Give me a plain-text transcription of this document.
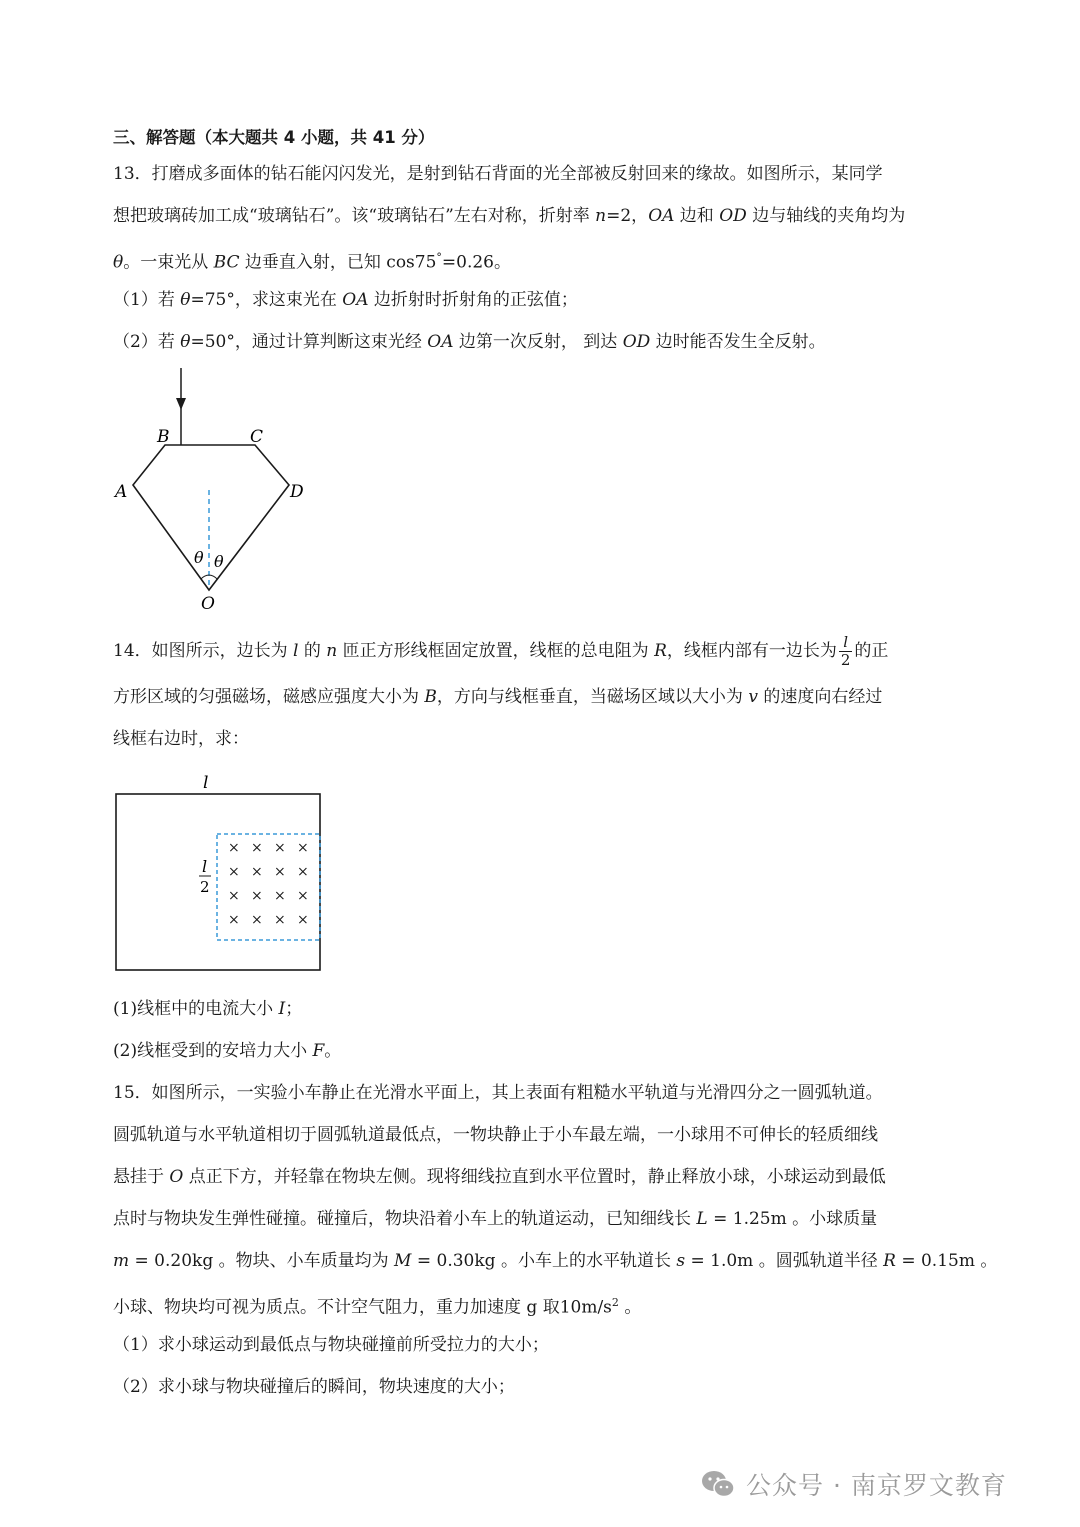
三、解答题（本大题共 4 小题，共 41 分）
13．打磨成多面体的钻石能闪闪发光，是射到钻石背面的光全部被反射回来的缘故。如图所示，某同学
想把玻璃砖加工成“玻璃钻石”。该“玻璃钻石”左右对称，折射率 n=2，OA 边和 OD 边与轴线的夹角均为
θ。一束光从 BC 边垂直入射，已知 cos75°=0.26。
（1）若 θ=75°，求这束光在 OA 边折射时折射角的正弦值；
（2）若 θ=50°，通过计算判断这束光经 OA 边第一次反射， 到达 OD 边时能否发生全反射。
B	C
A	D
θ θ
O
14．如图所示，边长为 l 的 n 匝正方形线框固定放置，线框的总电阻为 R，线框内部有一边长为 $\frac{l}{2}$ 的正
方形区域的匀强磁场，磁感应强度大小为 B，方向与线框垂直，当磁场区域以大小为 v 的速度向右经过
线框右边时，求：
l
l
2
× × × ×
× × × ×
× × × ×
× × × ×
(1)线框中的电流大小 I；
(2)线框受到的安培力大小 F。
15．如图所示，一实验小车静止在光滑水平面上，其上表面有粗糙水平轨道与光滑四分之一圆弧轨道。
圆弧轨道与水平轨道相切于圆弧轨道最低点，一物块静止于小车最左端，一小球用不可伸长的轻质细线
悬挂于 O 点正下方，并轻靠在物块左侧。现将细线拉直到水平位置时，静止释放小球，小球运动到最低
点时与物块发生弹性碰撞。碰撞后，物块沿着小车上的轨道运动，已知细线长 L = 1.25m 。小球质量
m = 0.20kg 。物块、小车质量均为 M = 0.30kg 。小车上的水平轨道长 s = 1.0m 。圆弧轨道半径 R = 0.15m 。
小球、物块均可视为质点。不计空气阻力，重力加速度 g 取$10m/s^2$ 。
（1）求小球运动到最低点与物块碰撞前所受拉力的大小；
（2）求小球与物块碰撞后的瞬间，物块速度的大小；
公众号 · 南京罗文教育
